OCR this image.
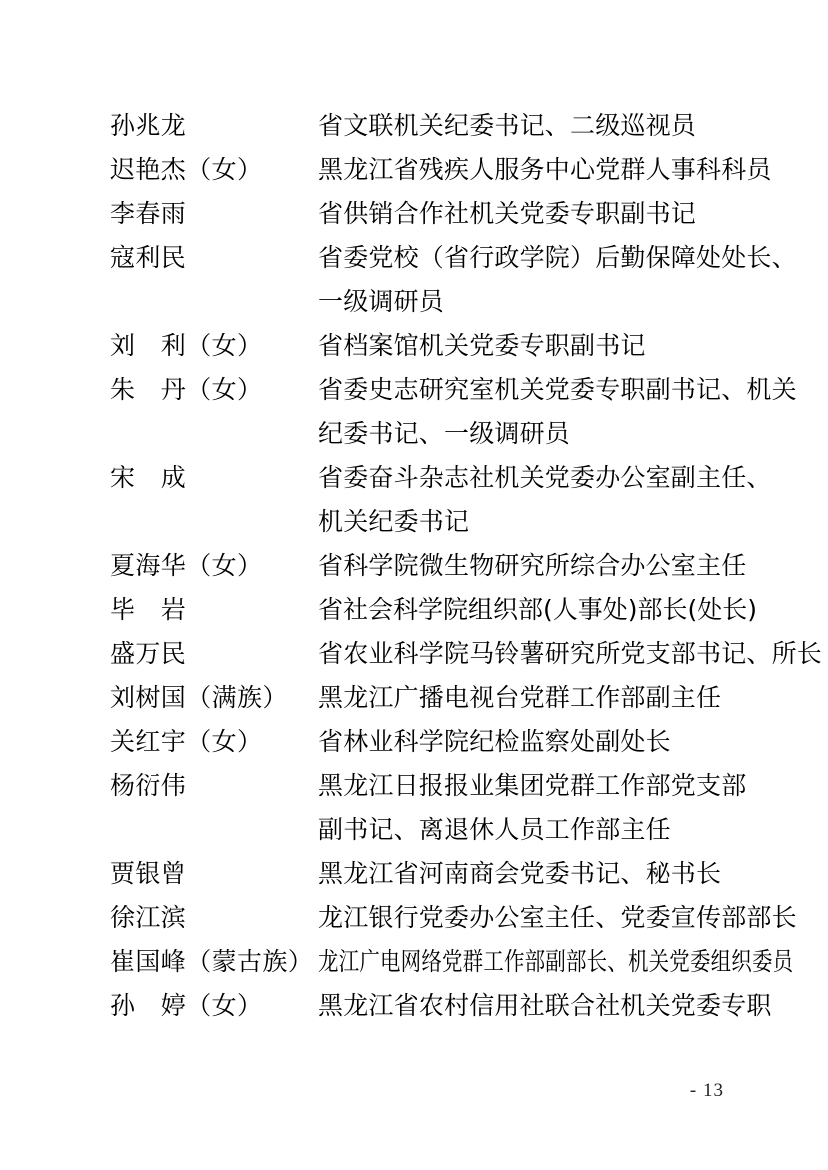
孙兆龙	省文联机关纪委书记、二级巡视员
迟艳杰（女）	黑龙江省残疾人服务中心党群人事科科员
李春雨	省供销合作社机关党委专职副书记
寇利民	省委党校（省行政学院）后勤保障处处长、
一级调研员
刘　利（女）	省档案馆机关党委专职副书记
朱　丹（女）	省委史志研究室机关党委专职副书记、机关
纪委书记、一级调研员
宋　成	省委奋斗杂志社机关党委办公室副主任、
机关纪委书记
夏海华（女）	省科学院微生物研究所综合办公室主任
毕　岩	省社会科学院组织部(人事处)部长(处长)
盛万民	省农业科学院马铃薯研究所党支部书记、所长
刘树国（满族）	黑龙江广播电视台党群工作部副主任
关红宇（女）	省林业科学院纪检监察处副处长
杨衍伟	黑龙江日报报业集团党群工作部党支部
副书记、离退休人员工作部主任
贾银曾	黑龙江省河南商会党委书记、秘书长
徐江滨	龙江银行党委办公室主任、党委宣传部部长
崔国峰（蒙古族） 龙江广电网络党群工作部副部长、机关党委组织委员
孙　婷（女）	黑龙江省农村信用社联合社机关党委专职
- 13
